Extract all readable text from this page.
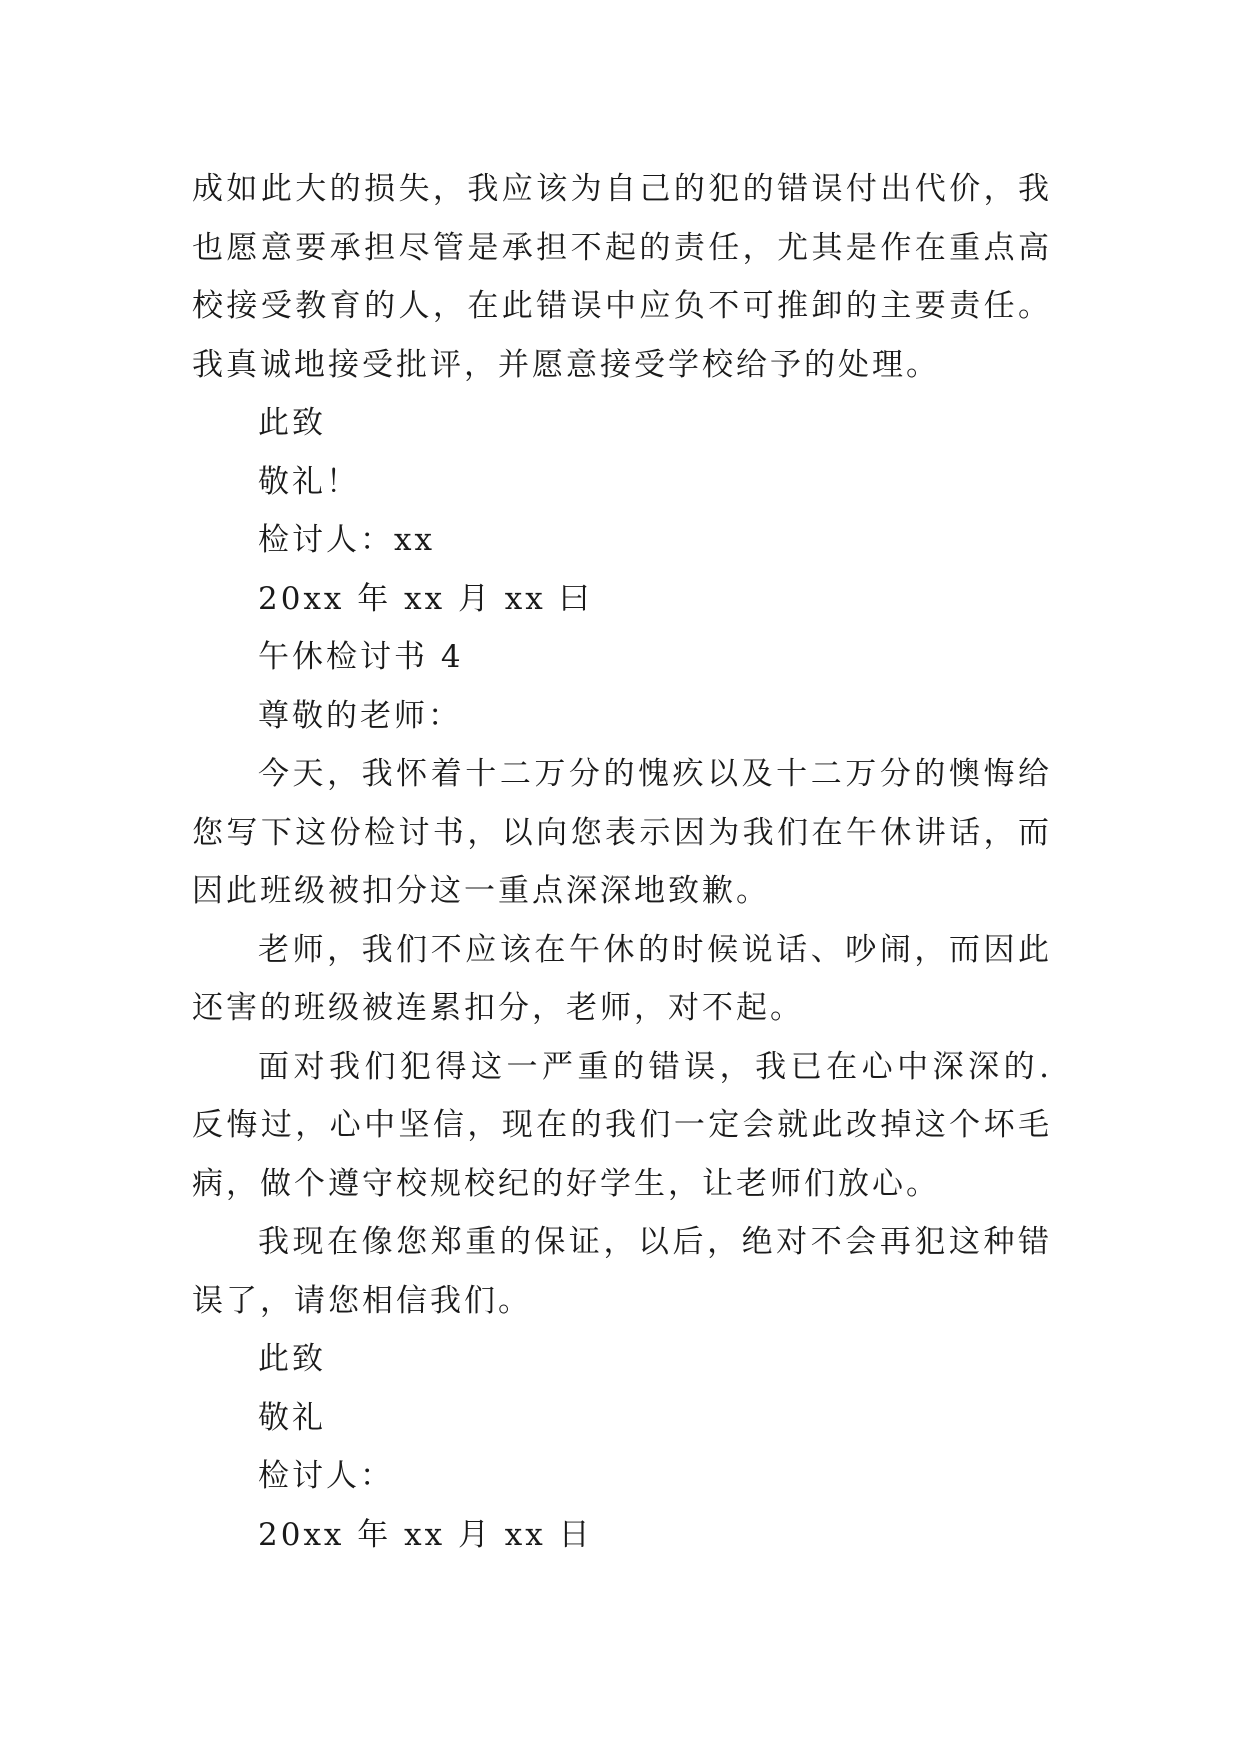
成如此大的损失，我应该为自己的犯的错误付出代价，我也愿意要承担尽管是承担不起的责任，尤其是作在重点高校接受教育的人，在此错误中应负不可推卸的主要责任。我真诚地接受批评，并愿意接受学校给予的处理。

此致

敬礼！

检讨人：xx

20xx 年 xx 月 xx 曰

午休检讨书 4

尊敬的老师：

今天，我怀着十二万分的愧疚以及十二万分的懊悔给您写下这份检讨书，以向您表示因为我们在午休讲话，而因此班级被扣分这一重点深深地致歉。

老师，我们不应该在午休的时候说话、吵闹，而因此还害的班级被连累扣分，老师，对不起。

面对我们犯得这一严重的错误，我已在心中深深的.反悔过，心中坚信，现在的我们一定会就此改掉这个坏毛病，做个遵守校规校纪的好学生，让老师们放心。

我现在像您郑重的保证，以后，绝对不会再犯这种错误了，请您相信我们。

此致

敬礼

检讨人：

20xx 年 xx 月 xx 日
